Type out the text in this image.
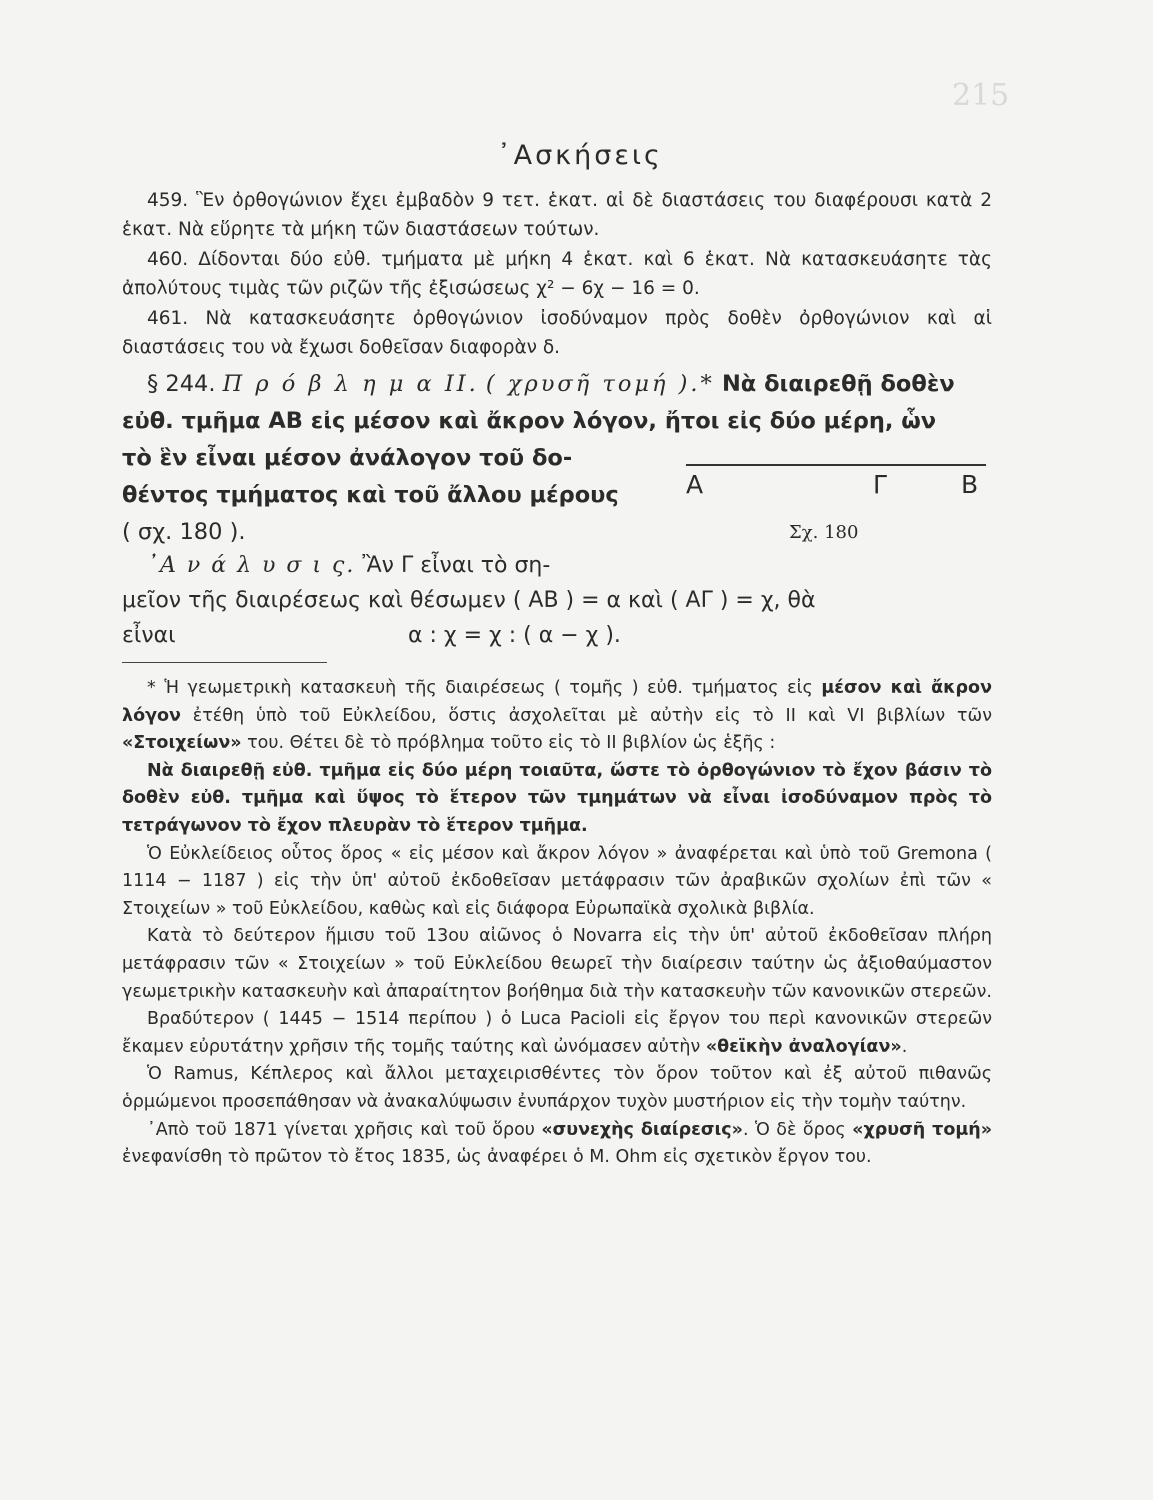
215
᾿Ασκήσεις

459. Ἓν ὀρθογώνιον ἔχει ἐμβαδὸν 9 τετ. ἑκατ. αἱ δὲ διαστάσεις του διαφέρουσι κατὰ 2 ἑκατ. Νὰ εὕρητε τὰ μήκη τῶν διαστάσεων τούτων.

460. Δίδονται δύο εὐθ. τμήματα μὲ μήκη 4 ἑκατ. καὶ 6 ἑκατ. Νὰ κατασκευάσητε τὰς ἀπολύτους τιμὰς τῶν ριζῶν τῆς ἐξισώσεως χ² − 6χ − 16 = 0.

461. Νὰ κατασκευάσητε ὀρθογώνιον ἰσοδύναμον πρὸς δοθὲν ὀρθογώνιον καὶ αἱ διαστάσεις του νὰ ἔχωσι δοθεῖσαν διαφορὰν δ.

§ 244. Π ρ ό β λ η μ α II. ( χρυσῆ τομή ).* Νὰ διαιρεθῇ δοθὲν
εὐθ. τμῆμα ΑΒ εἰς μέσον καὶ ἄκρον λόγον, ἤτοι εἰς δύο μέρη, ὧν
τὸ ἓν εἶναι μέσον ἀνάλογον τοῦ δο-
θέντος τμήματος καὶ τοῦ ἄλλου μέρους
( σχ. 180 ).
Α	Γ	Β
Σχ. 180
᾿Α ν ά λ υ σ ι ς. Ἂν Γ εἶναι τὸ ση-
μεῖον τῆς διαιρέσεως καὶ θέσωμεν ( ΑΒ ) = α καὶ ( ΑΓ ) = χ, θὰ
εἶναι	α : χ = χ : ( α − χ ).

* Ἡ γεωμετρικὴ κατασκευὴ τῆς διαιρέσεως ( τομῆς ) εὐθ. τμήματος εἰς μέσον καὶ ἄκρον λόγον ἐτέθη ὑπὸ τοῦ Εὐκλείδου, ὅστις ἀσχολεῖται μὲ αὐτὴν εἰς τὸ II καὶ VI βιβλίων τῶν «Στοιχείων» του. Θέτει δὲ τὸ πρόβλημα τοῦτο εἰς τὸ II βιβλίον ὡς ἑξῆς :

Νὰ διαιρεθῇ εὐθ. τμῆμα εἰς δύο μέρη τοιαῦτα, ὥστε τὸ ὀρθογώνιον τὸ ἔχον βάσιν τὸ δοθὲν εὐθ. τμῆμα καὶ ὕψος τὸ ἕτερον τῶν τμημάτων νὰ εἶναι ἰσοδύναμον πρὸς τὸ τετράγωνον τὸ ἔχον πλευρὰν τὸ ἕτερον τμῆμα.

Ὁ Εὐκλείδειος οὗτος ὅρος « εἰς μέσον καὶ ἄκρον λόγον » ἀναφέρεται καὶ ὑπὸ τοῦ Gremona ( 1114 − 1187 ) εἰς τὴν ὑπ' αὐτοῦ ἐκδοθεῖσαν μετάφρασιν τῶν ἀραβικῶν σχολίων ἐπὶ τῶν « Στοιχείων » τοῦ Εὐκλείδου, καθὼς καὶ εἰς διάφορα Εὐρωπαϊκὰ σχολικὰ βιβλία.

Κατὰ τὸ δεύτερον ἥμισυ τοῦ 13ου αἰῶνος ὁ Novarra εἰς τὴν ὑπ' αὐτοῦ ἐκδοθεῖσαν πλήρη μετάφρασιν τῶν « Στοιχείων » τοῦ Εὐκλείδου θεωρεῖ τὴν διαίρεσιν ταύτην ὡς ἀξιοθαύμαστον γεωμετρικὴν κατασκευὴν καὶ ἀπαραίτητον βοήθημα διὰ τὴν κατασκευὴν τῶν κανονικῶν στερεῶν.

Βραδύτερον ( 1445 − 1514 περίπου ) ὁ Luca Pacioli εἰς ἔργον του περὶ κανονικῶν στερεῶν ἔκαμεν εὐρυτάτην χρῆσιν τῆς τομῆς ταύτης καὶ ὠνόμασεν αὐτὴν «θεϊκὴν ἀναλογίαν».

Ὁ Ramus, Κέπλερος καὶ ἄλλοι μεταχειρισθέντες τὸν ὅρον τοῦτον καὶ ἐξ αὐτοῦ πιθανῶς ὁρμώμενοι προσεπάθησαν νὰ ἀνακαλύψωσιν ἐνυπάρχον τυχὸν μυστήριον εἰς τὴν τομὴν ταύτην.

᾿Απὸ τοῦ 1871 γίνεται χρῆσις καὶ τοῦ ὅρου «συνεχὴς διαίρεσις». Ὁ δὲ ὅρος «χρυσῆ τομή» ἐνεφανίσθη τὸ πρῶτον τὸ ἔτος 1835, ὡς ἀναφέρει ὁ Μ. Ohm εἰς σχετικὸν ἔργον του.
